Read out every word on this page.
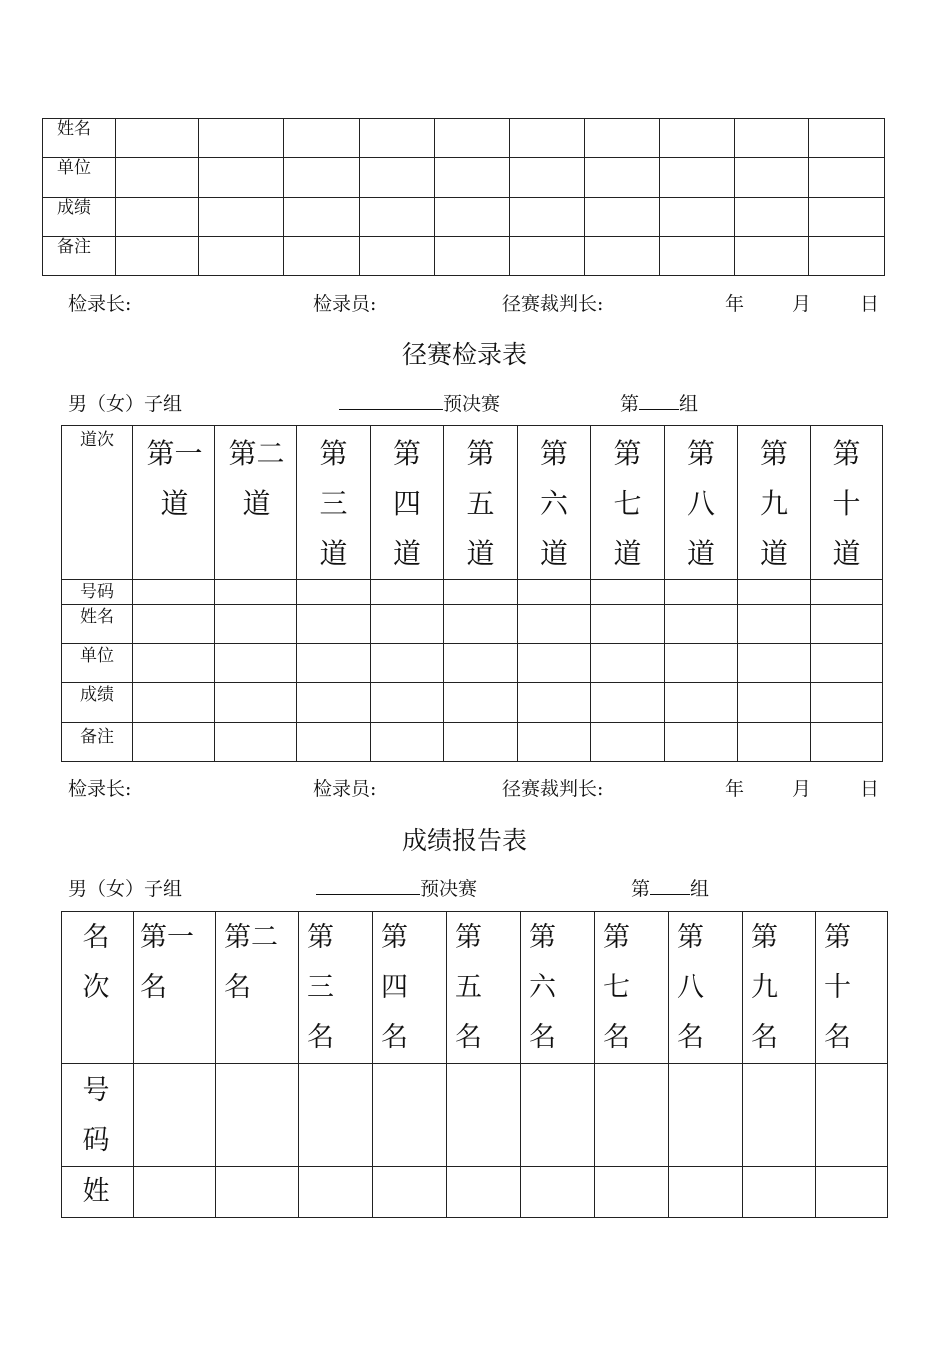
姓名										
单位										
成绩										
备注										
检录长:	检录员:	径赛裁判长:	年	月	日
径赛检录表
男（女）子组	预决赛	第 组
道次	第一道	第二道	第三道	第四道	第五道	第六道	第七道	第八道	第九道	第十道

号码										
姓名										
单位										
成绩										
备注										
检录长:	检录员:	径赛裁判长:	年	月	日
成绩报告表
男（女）子组	预决赛	第 组
名次	第一名	第二名	第三名	第四名	第五名	第六名	第七名	第八名	第九名	第十名

号码										

姓										
